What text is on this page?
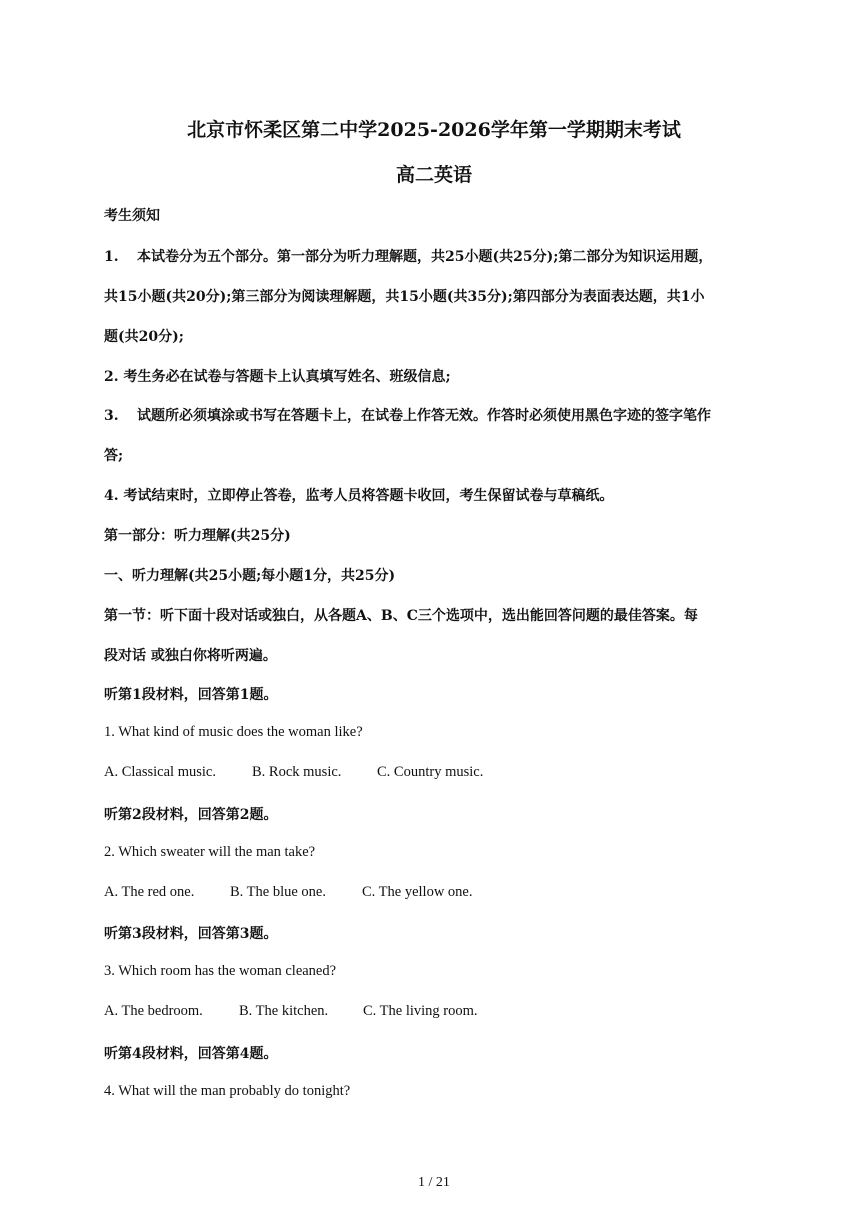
北京市怀柔区第二中学2025-2026学年第一学期期末考试
高二英语
考生须知
1. 本试卷分为五个部分。第一部分为听力理解题，共25小题(共25分);第二部分为知识运用题，
共15小题(共20分);第三部分为阅读理解题，共15小题(共35分);第四部分为表面表达题，共1小
题(共20分);
2. 考生务必在试卷与答题卡上认真填写姓名、班级信息;
3. 试题所必须填涂或书写在答题卡上，在试卷上作答无效。作答时必须使用黑色字迹的签字笔作
答;
4. 考试结束时，立即停止答卷，监考人员将答题卡收回，考生保留试卷与草稿纸。
第一部分：听力理解(共25分)
一、听力理解(共25小题;每小题1分，共25分)
第一节：听下面十段对话或独白，从各题A、B、C三个选项中，选出能回答问题的最佳答案。每
段对话 或独白你将听两遍。
听第1段材料，回答第1题。
1. What kind of music does the woman like?
A. Classical music. B. Rock music. C. Country music.
听第2段材料，回答第2题。
2. Which sweater will the man take?
A. The red one. B. The blue one. C. The yellow one.
听第3段材料，回答第3题。
3. Which room has the woman cleaned?
A. The bedroom. B. The kitchen. C. The living room.
听第4段材料，回答第4题。
4. What will the man probably do tonight?
1 / 21
